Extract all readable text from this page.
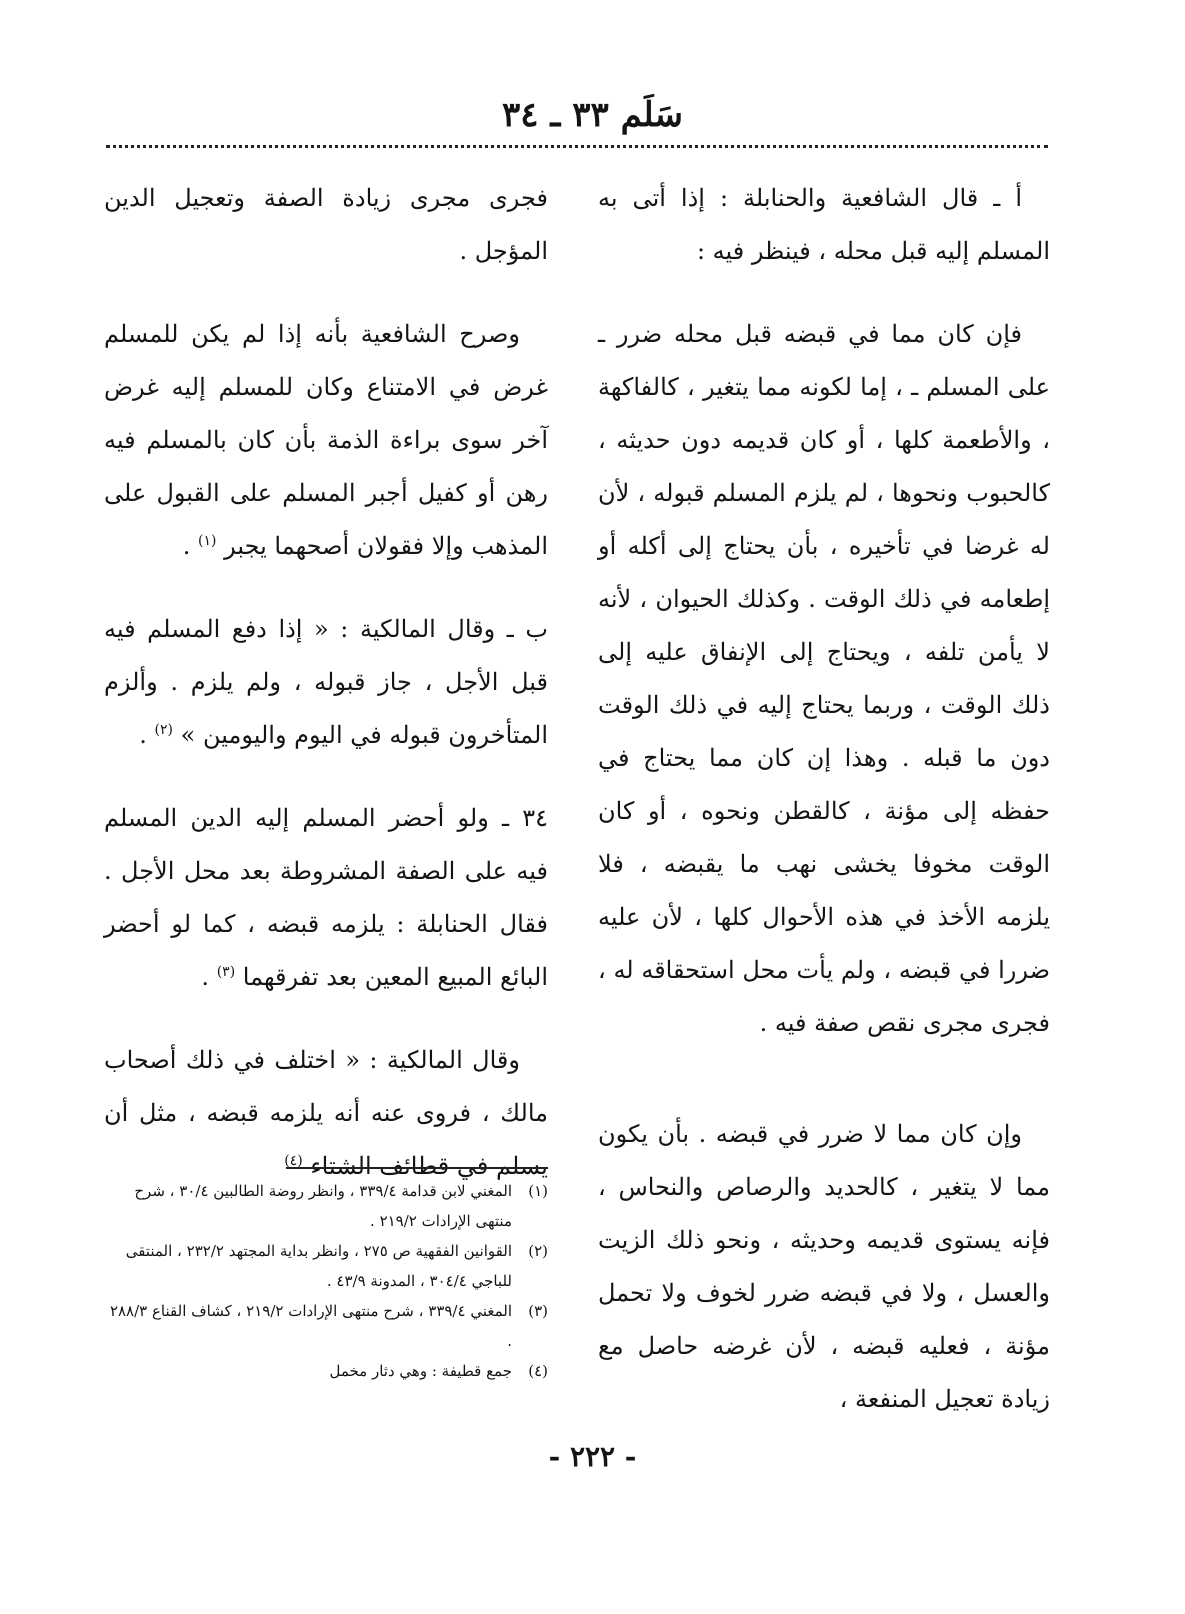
سَلَم ٣٣ ـ ٣٤

أ ـ قال الشافعية والحنابلة : إذا أتى به المسلم إليه قبل محله ، فينظر فيه :

فإن كان مما في قبضه قبل محله ضرر ـ على المسلم ـ ، إما لكونه مما يتغير ، كالفاكهة ، والأطعمة كلها ، أو كان قديمه دون حديثه ، كالحبوب ونحوها ، لم يلزم المسلم قبوله ، لأن له غرضا في تأخيره ، بأن يحتاج إلى أكله أو إطعامه في ذلك الوقت . وكذلك الحيوان ، لأنه لا يأمن تلفه ، ويحتاج إلى الإنفاق عليه إلى ذلك الوقت ، وربما يحتاج إليه في ذلك الوقت دون ما قبله . وهذا إن كان مما يحتاج في حفظه إلى مؤنة ، كالقطن ونحوه ، أو كان الوقت مخوفا يخشى نهب ما يقبضه ، فلا يلزمه الأخذ في هذه الأحوال كلها ، لأن عليه ضررا في قبضه ، ولم يأت محل استحقاقه له ، فجرى مجرى نقص صفة فيه .

وإن كان مما لا ضرر في قبضه . بأن يكون مما لا يتغير ، كالحديد والرصاص والنحاس ، فإنه يستوى قديمه وحديثه ، ونحو ذلك الزيت والعسل ، ولا في قبضه ضرر لخوف ولا تحمل مؤنة ، فعليه قبضه ، لأن غرضه حاصل مع زيادة تعجيل المنفعة ،

فجرى مجرى زيادة الصفة وتعجيل الدين المؤجل .

وصرح الشافعية بأنه إذا لم يكن للمسلم غرض في الامتناع وكان للمسلم إليه غرض آخر سوى براءة الذمة بأن كان بالمسلم فيه رهن أو كفيل أجبر المسلم على القبول على المذهب وإلا فقولان أصحهما يجبر $^{(١)}$ .

ب ـ وقال المالكية : « إذا دفع المسلم فيه قبل الأجل ، جاز قبوله ، ولم يلزم . وألزم المتأخرون قبوله في اليوم واليومين » $^{(٢)}$ .

٣٤ ـ ولو أحضر المسلم إليه الدين المسلم فيه على الصفة المشروطة بعد محل الأجل . فقال الحنابلة : يلزمه قبضه ، كما لو أحضر البائع المبيع المعين بعد تفرقهما $^{(٣)}$ .

وقال المالكية : « اختلف في ذلك أصحاب مالك ، فروى عنه أنه يلزمه قبضه ، مثل أن يسلم في قطائف الشتاء $^{(٤)}$

(١)
المغني لابن قدامة ٣٣٩/٤ ، وانظر روضة الطالبين ٣٠/٤ ، شرح منتهى الإرادات ٢١٩/٢ .
(٢)
القوانين الفقهية ص ٢٧٥ ، وانظر بداية المجتهد ٢٣٢/٢ ، المنتقى للباجي ٣٠٤/٤ ، المدونة ٤٣/٩ .
(٣)
المغني ٣٣٩/٤ ، شرح منتهى الإرادات ٢١٩/٢ ، كشاف القناع ٢٨٨/٣ .
(٤)
جمع قطيفة : وهي دثار مخمل
- ٢٢٢ -
